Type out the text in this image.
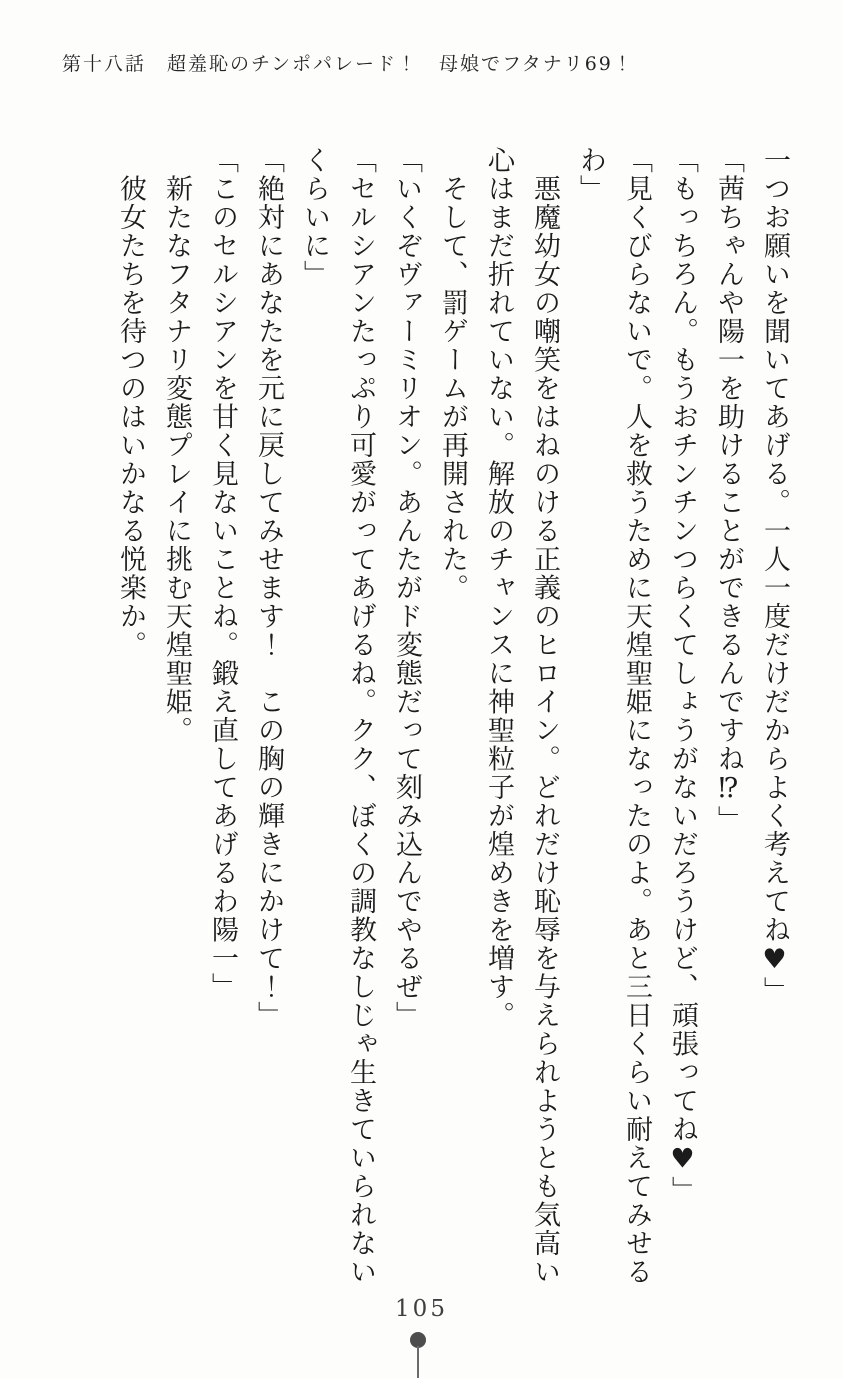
第十八話　超羞恥のチンポパレード！　母娘でフタナリ69！
一つお願いを聞いてあげる。一人一度だけだからよく考えてね♥」
「茜ちゃんや陽一を助けることができるんですね⁉」
「もっちろん。もうおチンチンつらくてしょうがないだろうけど、頑張ってね♥」
「見くびらないで。人を救うために天煌聖姫になったのよ。あと三日くらい耐えてみせる
わ」
　悪魔幼女の嘲笑をはねのける正義のヒロイン。どれだけ恥辱を与えられようとも気高い
心はまだ折れていない。解放のチャンスに神聖粒子が煌めきを増す。
　そして、罰ゲームが再開された。
「いくぞヴァーミリオン。あんたがド変態だって刻み込んでやるぜ」
「セルシアンたっぷり可愛がってあげるね。クク、ぼくの調教なしじゃ生きていられない
くらいに」
「絶対にあなたを元に戻してみせます！　この胸の輝きにかけて！」
「このセルシアンを甘く見ないことね。鍛え直してあげるわ陽一」
　新たなフタナリ変態プレイに挑む天煌聖姫。
　彼女たちを待つのはいかなる悦楽か。
105
